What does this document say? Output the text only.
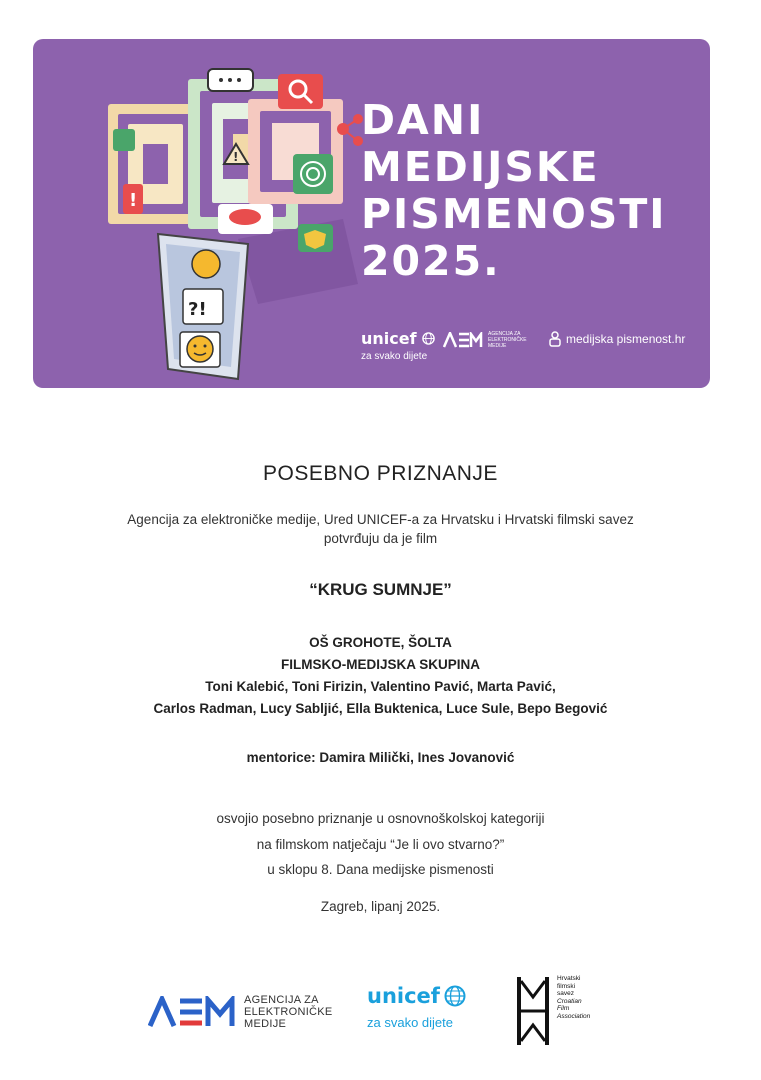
!
!
?!
DANI
MEDIJSKE
PISMENOSTI
2025.
unicef
za svako dijete
AGENCIJA ZA ELEKTRONIČKE MEDIJE	medijska pismenost.hr
POSEBNO PRIZNANJE
Agencija za elektroničke medije, Ured UNICEF-a za Hrvatsku i Hrvatski filmski savez
potvrđuju da je film
“KRUG SUMNJE”
OŠ GROHOTE, ŠOLTA
FILMSKO-MEDIJSKA SKUPINA
Toni Kalebić, Toni Firizin, Valentino Pavić, Marta Pavić,
Carlos Radman, Lucy Sabljić, Ella Buktenica, Luce Sule, Bepo Begović
mentorice: Damira Milički, Ines Jovanović
osvojio posebno priznanje u osnovnoškolskoj kategoriji
na filmskom natječaju “Je li ovo stvarno?”
u sklopu 8. Dana medijske pismenosti
Zagreb, lipanj 2025.
AGENCIJA ZA
ELEKTRONIČKE
MEDIJE
unicef
za svako dijete
Hrvatski
filmski
savez
Croatian
Film
Association
